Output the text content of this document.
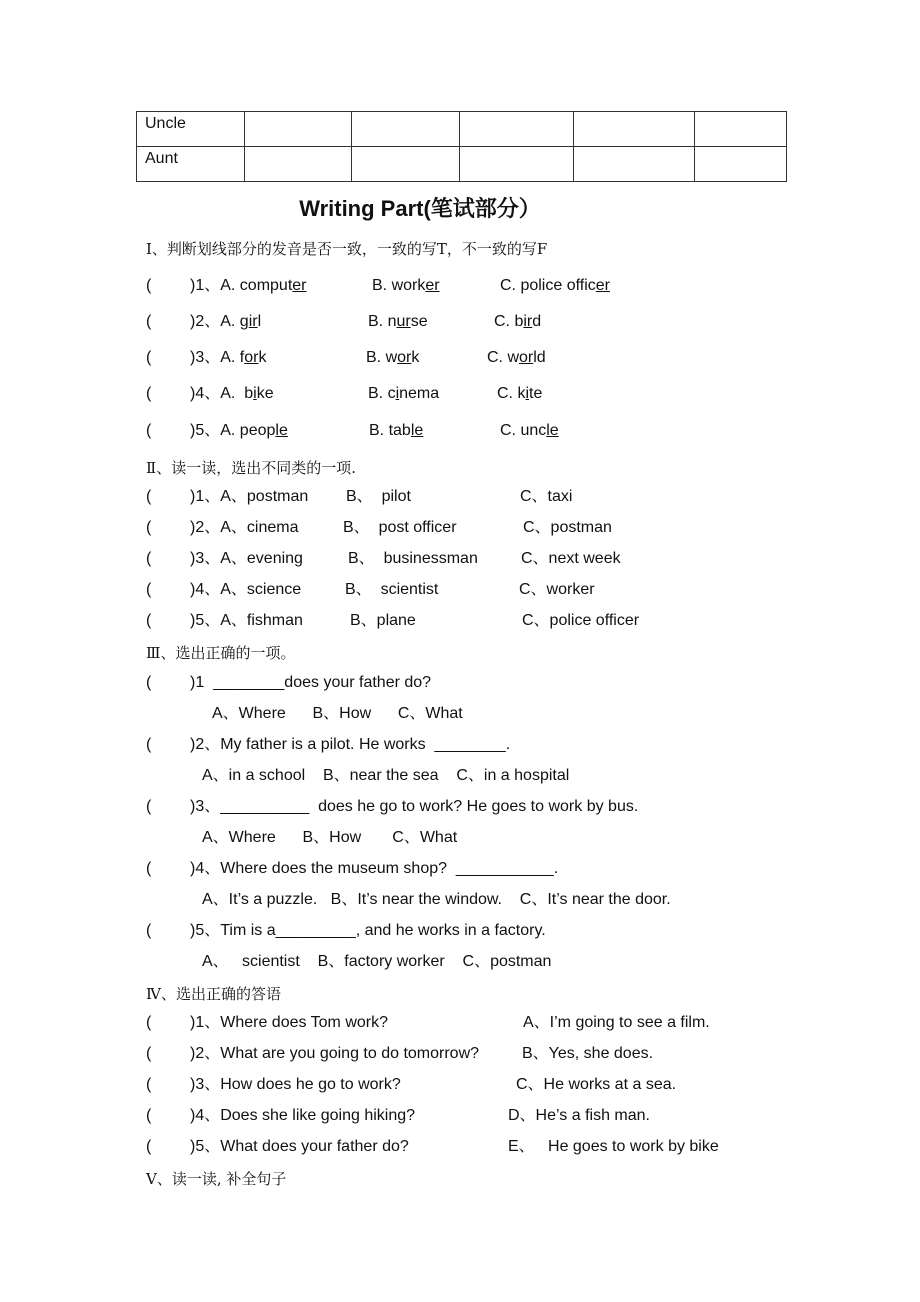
Uncle					
Aunt					
Writing Part(笔试部分）
Ⅰ、判断划线部分的发音是否一致，一致的写T，不一致的写F
( )1、A. computer	B. worker	C. police officer
( )2、A. girl	B. nurse	C. bird
( )3、A. fork	B. work	C. world
( )4、A.  bike	B. cinema	C. kite
( )5、A. people	B. table	C. uncle
Ⅱ、读一读，选出不同类的一项.
( )1、A、postman B、  pilot	C、taxi
( )2、A、cinema	B、  post officer	C、postman
( )3、A、evening	B、  businessman	C、next week
( )4、A、science	B、  scientist	C、worker
( )5、A、fishman	B、plane	C、police officer
Ⅲ、选出正确的一项。
( )1  ________does your father do?
A、Where      B、How      C、What
( )2、My father is a pilot. He works  ________.
A、in a school    B、near the sea    C、in a hospital
( )3、__________  does he go to work? He goes to work by bus.
A、Where      B、How       C、What
( )4、Where does the museum shop?  ___________.
A、It’s a puzzle.   B、It’s near the window.    C、It’s near the door.
( )5、Tim is a_________, and he works in a factory.
A、   scientist    B、factory worker    C、postman
Ⅳ、选出正确的答语
( )1、Where does Tom work?	A、I’m going to see a film.
( )2、What are you going to do tomorrow?	B、Yes, she does.
( )3、How does he go to work?	C、He works at a sea.
( )4、Does she like going hiking?	D、He’s a fish man.
( )5、What does your father do?	E、   He goes to work by bike
Ⅴ、读一读, 补全句子
